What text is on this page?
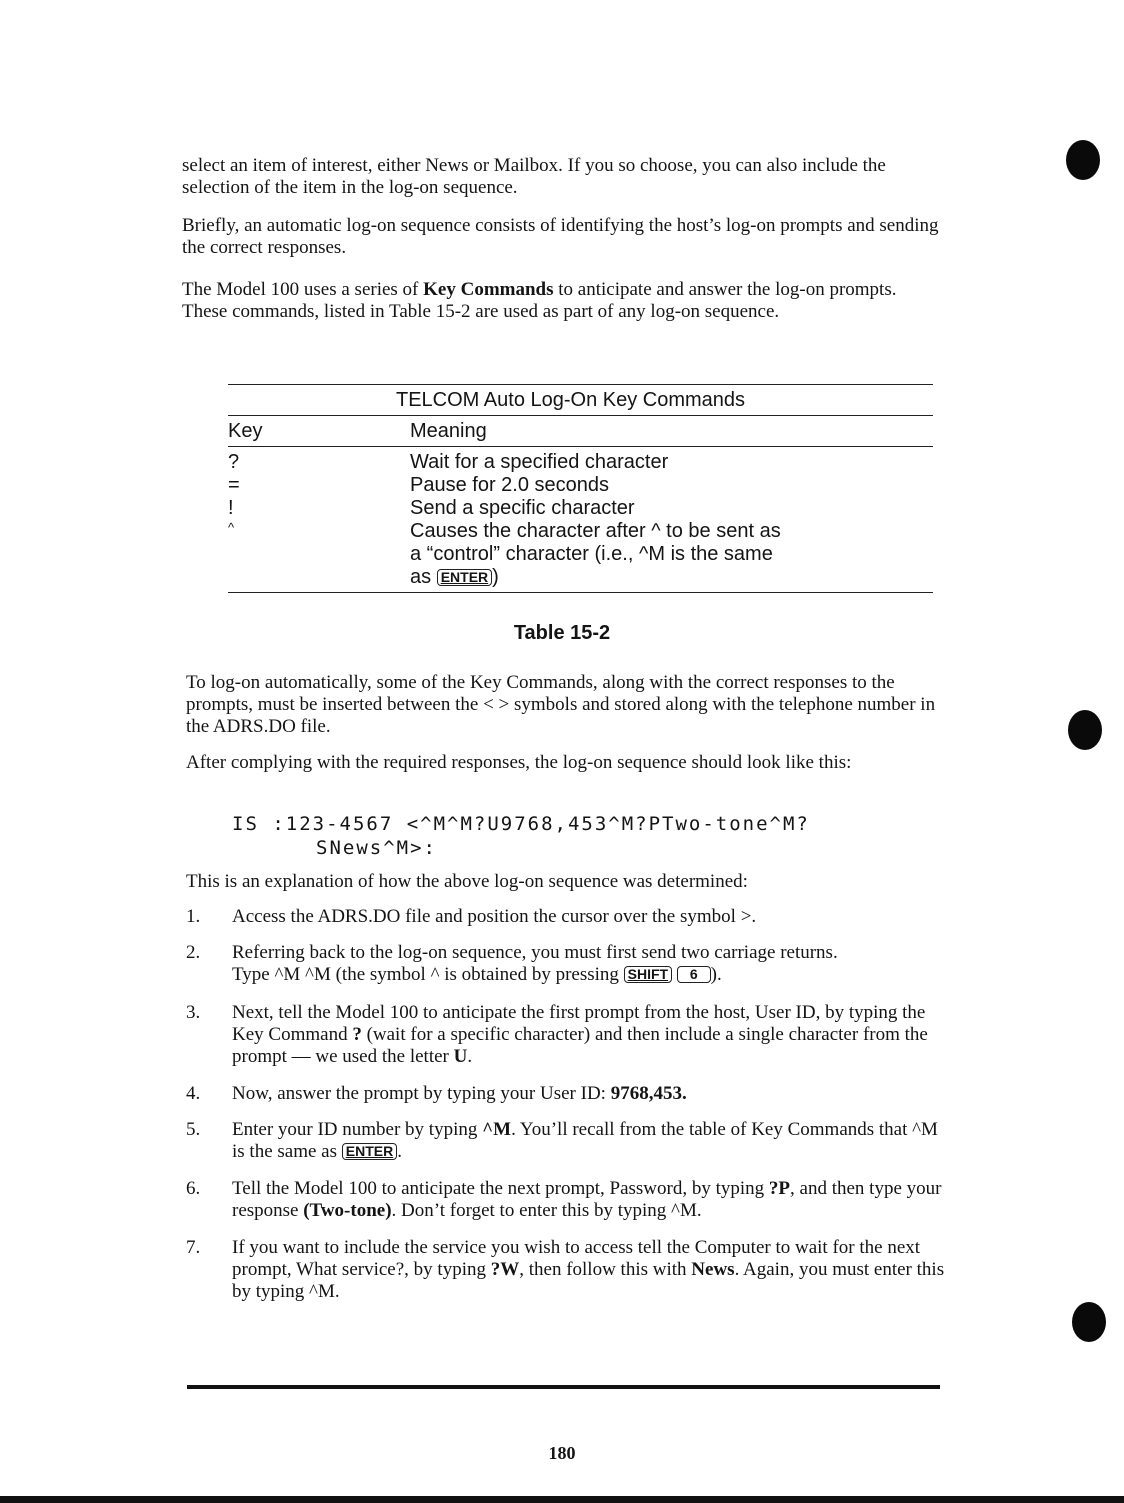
select an item of interest, either News or Mailbox. If you so choose, you can also include the selection of the item in the log-on sequence.

Briefly, an automatic log-on sequence consists of identifying the host’s log-on prompts and sending the correct responses.

The Model 100 uses a series of Key Commands to anticipate and answer the log-on prompts. These commands, listed in Table 15-2 are used as part of any log-on sequence.

TELCOM Auto Log-On Key Commands
Key	Meaning
?	Wait for a specified character
=	Pause for 2.0 seconds
!	Send a specific character
^	Causes the character after ^ to be sent as
a “control” character (i.e., ^M is the same
as ENTER )
Table 15-2

To log-on automatically, some of the Key Commands, along with the correct responses to the prompts, must be inserted between the < > symbols and stored along with the telephone number in the ADRS.DO file.

After complying with the required responses, the log-on sequence should look like this:

IS :123-4567 <^M^M?U9768,453^M?PTwo-tone^M?
SNews^M>:

This is an explanation of how the above log-on sequence was determined:

1.	Access the ADRS.DO file and position the cursor over the symbol >.
2.	Referring back to the log-on sequence, you must first send two carriage returns.
Type ^M ^M (the symbol ^ is obtained by pressing SHIFT 6 ).
3.	Next, tell the Model 100 to anticipate the first prompt from the host, User ID, by typing the Key Command ? (wait for a specific character) and then include a single character from the prompt — we used the letter U.
4.	Now, answer the prompt by typing your User ID: 9768,453.
5.	Enter your ID number by typing ^M. You’ll recall from the table of Key Commands that ^M is the same as ENTER .
6.	Tell the Model 100 to anticipate the next prompt, Password, by typing ?P, and then type your response (Two-tone). Don’t forget to enter this by typing ^M.
7.	If you want to include the service you wish to access tell the Computer to wait for the next prompt, What service?, by typing ?W, then follow this with News. Again, you must enter this by typing ^M.
180
